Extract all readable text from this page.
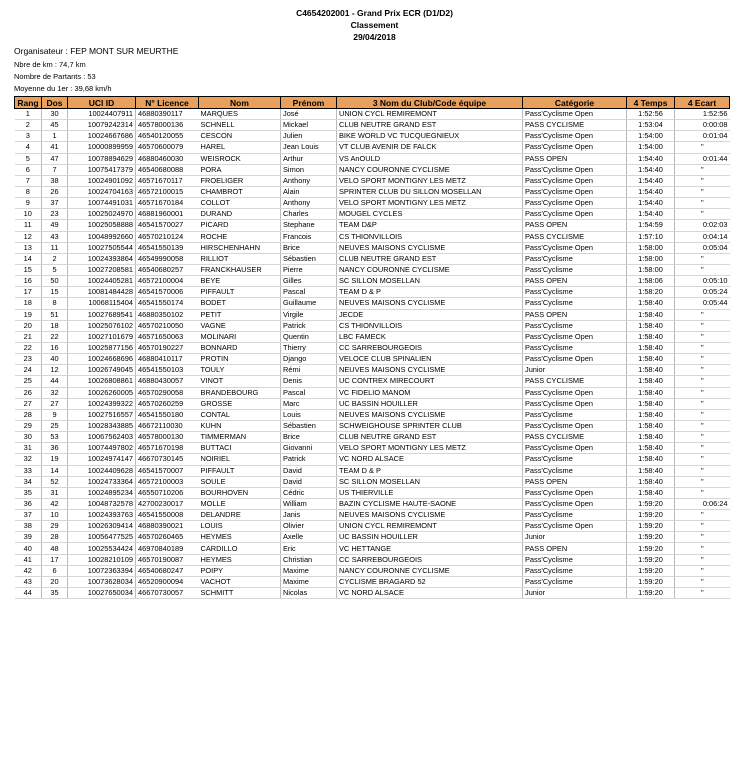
C4654202001 - Grand Prix ECR (D1/D2)
Classement
29/04/2018
Organisateur : FEP MONT SUR MEURTHE
Nbre de km : 74,7 km
Nombre de Partants : 53
Moyenne du 1er : 39,68 km/h
Rang	Dos	UCI ID	N° Licence	Nom	Prénom	3 Nom du Club/Code équipe	Catégorie	4 Temps	4 Ecart
1	30	10024407911	46880390117	MARQUES	José	UNION CYCL REMIREMONT	Pass'Cyclisme Open	1:52:56	1:52:56
2	45	10079242314	46578000136	SCHNELL	Mickael	CLUB NEUTRE GRAND EST	PASS CYCLISME	1:53:04	0:00:08
3	1	10024667686	46540120055	CESCON	Julien	BIKE WORLD VC TUCQUEGNIEUX	Pass'Cyclisme Open	1:54:00	0:01:04
4	41	10000899959	46570600079	HAREL	Jean Louis	VT CLUB AVENIR DE FALCK	Pass'Cyclisme Open	1:54:00	"
5	47	10078894629	46880460030	WEISROCK	Arthur	VS AnOULD	PASS OPEN	1:54:40	0:01:44
6	7	10075417379	46540680088	PORA	Simon	NANCY COURONNE CYCLISME	Pass'Cyclisme Open	1:54:40	"
7	38	10024901092	46571670117	FROELIGER	Anthony	VELO SPORT MONTIGNY LES METZ	Pass'Cyclisme Open	1:54:40	"
8	26	10024704163	46572100015	CHAMBROT	Alain	SPRINTER CLUB DU SILLON MOSELLAN	Pass'Cyclisme Open	1:54:40	"
9	37	10074491031	46571670184	COLLOT	Anthony	VELO SPORT MONTIGNY LES METZ	Pass'Cyclisme Open	1:54:40	"
10	23	10025024970	46881960001	DURAND	Charles	MOUGEL CYCLES	Pass'Cyclisme Open	1:54:40	"
11	49	10025058888	46541570027	PICARD	Stephane	TEAM D&P	PASS OPEN	1:54:59	0:02:03
12	43	10048992660	46570210124	ROCHE	Francois	CS THIONVILLOIS	PASS CYCLISME	1:57:10	0:04:14
13	11	10027505544	46541550139	HIRSCHENHAHN	Brice	NEUVES MAISONS CYCLISME	Pass'Cyclisme Open	1:58:00	0:05:04
14	2	10024393864	46549990058	RILLIOT	Sébastien	CLUB NEUTRE GRAND EST	Pass'Cyclisme	1:58:00	"
15	5	10027208581	46540680257	FRANCKHAUSER	Pierre	NANCY COURONNE CYCLISME	Pass'Cyclisme	1:58:00	"
16	50	10024405281	46572100004	BEYE	Gilles	SC SILLON MOSELLAN	PASS OPEN	1:58:06	0:05:10
17	15	10081484428	46541570006	PIFFAULT	Pascal	TEAM D & P	Pass'Cyclisme	1:58:20	0:05:24
18	8	10068115404	46541550174	BODET	Guillaume	NEUVES MAISONS CYCLISME	Pass'Cyclisme	1:58:40	0:05:44
19	51	10027689541	46880350102	PETIT	Virgile	JECDE	PASS OPEN	1:58:40	"
20	18	10025076102	46570210050	VAGNE	Patrick	CS THIONVILLOIS	Pass'Cyclisme	1:58:40	"
21	22	10027101679	46571650063	MOLINARI	Quentin	LBC FAMECK	Pass'Cyclisme Open	1:58:40	"
22	16	10025877156	46570190227	BONNARD	Thierry	CC SARREBOURGEOIS	Pass'Cyclisme	1:58:40	"
23	40	10024668696	46880410117	PROTIN	Django	VELOCE CLUB SPINALIEN	Pass'Cyclisme Open	1:58:40	"
24	12	10026749045	46541550103	TOULY	Rémi	NEUVES MAISONS CYCLISME	Junior	1:58:40	"
25	44	10026808861	46880430057	VINOT	Denis	UC CONTREX MIRECOURT	PASS CYCLISME	1:58:40	"
26	32	10026260005	46570290058	BRANDEBOURG	Pascal	VC FIDELIO MANOM	Pass'Cyclisme Open	1:58:40	"
27	27	10024399322	46570260259	GROSSE	Marc	UC BASSIN HOUILLER	Pass'Cyclisme Open	1:58:40	"
28	9	10027516557	46541550180	CONTAL	Louis	NEUVES MAISONS CYCLISME	Pass'Cyclisme	1:58:40	"
29	25	10028343885	46672110030	KUHN	Sébastien	SCHWEIGHOUSE SPRINTER CLUB	Pass'Cyclisme Open	1:58:40	"
30	53	10067562403	46578000130	TIMMERMAN	Brice	CLUB NEUTRE GRAND EST	PASS CYCLISME	1:58:40	"
31	36	10074497802	46571670198	BUTTACI	Giovanni	VELO SPORT MONTIGNY LES METZ	Pass'Cyclisme Open	1:58:40	"
32	19	10024974147	46670730145	NOIRIEL	Patrick	VC NORD ALSACE	Pass'Cyclisme	1:58:40	"
33	14	10024409628	46541570007	PIFFAULT	David	TEAM D & P	Pass'Cyclisme	1:58:40	"
34	52	10024733364	46572100003	SOULE	David	SC SILLON MOSELLAN	PASS OPEN	1:58:40	"
35	31	10024895234	46550710206	BOURHOVEN	Cédric	US THIERVILLE	Pass'Cyclisme Open	1:58:40	"
36	42	10048732578	42700230017	MOLLE	William	BAZIN CYCLISME HAUTE-SAONE	Pass'Cyclisme Open	1:59:20	0:06:24
37	10	10024393763	46541550008	DELANDRE	Janis	NEUVES MAISONS CYCLISME	Pass'Cyclisme	1:59:20	"
38	29	10026309414	46880390021	LOUIS	Olivier	UNION CYCL REMIREMONT	Pass'Cyclisme Open	1:59:20	"
39	28	10056477525	46570260465	HEYMES	Axelle	UC BASSIN HOUILLER	Junior	1:59:20	"
40	48	10025534424	46970840189	CARDILLO	Eric	VC HETTANGE	PASS OPEN	1:59:20	"
41	17	10028210109	46570190087	HEYMES	Christian	CC SARREBOURGEOIS	Pass'Cyclisme	1:59:20	"
42	6	10072363394	46540680247	POIPY	Maxime	NANCY COURONNE CYCLISME	Pass'Cyclisme	1:59:20	"
43	20	10073628034	46520900094	VACHOT	Maxime	CYCLISME BRAGARD 52	Pass'Cyclisme	1:59:20	"
44	35	10027650034	46670730057	SCHMITT	Nicolas	VC NORD ALSACE	Junior	1:59:20	"
